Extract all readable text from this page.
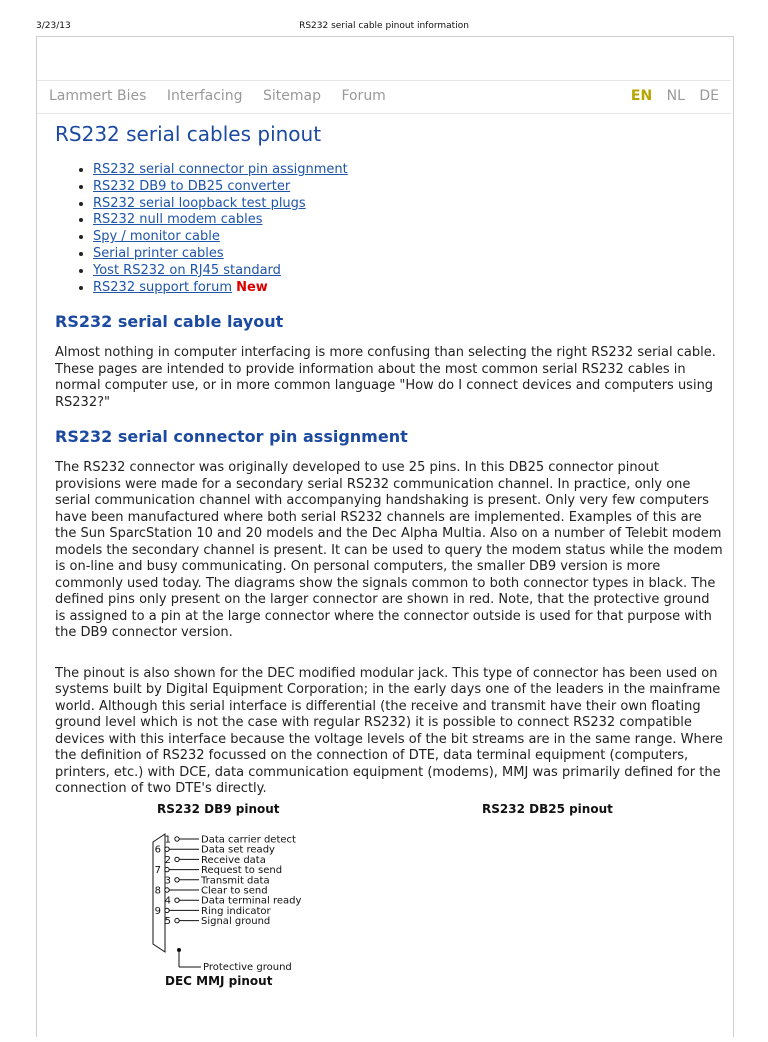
3/23/13	RS232 serial cable pinout information
Lammert Bies Interfacing Sitemap Forum	EN NL DE
RS232 serial cables pinout
• RS232 serial connector pin assignment
• RS232 DB9 to DB25 converter
• RS232 serial loopback test plugs
• RS232 null modem cables
• Spy / monitor cable
• Serial printer cables
• Yost RS232 on RJ45 standard
• RS232 support forum New
RS232 serial cable layout

Almost nothing in computer interfacing is more confusing than selecting the right RS232 serial cable. These pages are intended to provide information about the most common serial RS232 cables in normal computer use, or in more common language "How do I connect devices and computers using RS232?"

RS232 serial connector pin assignment

The RS232 connector was originally developed to use 25 pins. In this DB25 connector pinout provisions were made for a secondary serial RS232 communication channel. In practice, only one serial communication channel with accompanying handshaking is present. Only very few computers have been manufactured where both serial RS232 channels are implemented. Examples of this are the Sun SparcStation 10 and 20 models and the Dec Alpha Multia. Also on a number of Telebit modem models the secondary channel is present. It can be used to query the modem status while the modem is on-line and busy communicating. On personal computers, the smaller DB9 version is more commonly used today. The diagrams show the signals common to both connector types in black. The defined pins only present on the larger connector are shown in red. Note, that the protective ground is assigned to a pin at the large connector where the connector outside is used for that purpose with the DB9 connector version.

The pinout is also shown for the DEC modified modular jack. This type of connector has been used on systems built by Digital Equipment Corporation; in the early days one of the leaders in the mainframe world. Although this serial interface is differential (the receive and transmit have their own floating ground level which is not the case with regular RS232) it is possible to connect RS232 compatible devices with this interface because the voltage levels of the bit streams are in the same range. Where the definition of RS232 focussed on the connection of DTE, data terminal equipment (computers, printers, etc.) with DCE, data communication equipment (modems), MMJ was primarily defined for the connection of two DTE's directly.

RS232 DB9 pinout	RS232 DB25 pinout
1	Data carrier detect
6	Data set ready
2	Receive data
7	Request to send
3	Transmit data
8	Clear to send
4	Data terminal ready
9	Ring indicator
5	Signal ground
Protective ground
DEC MMJ pinout
